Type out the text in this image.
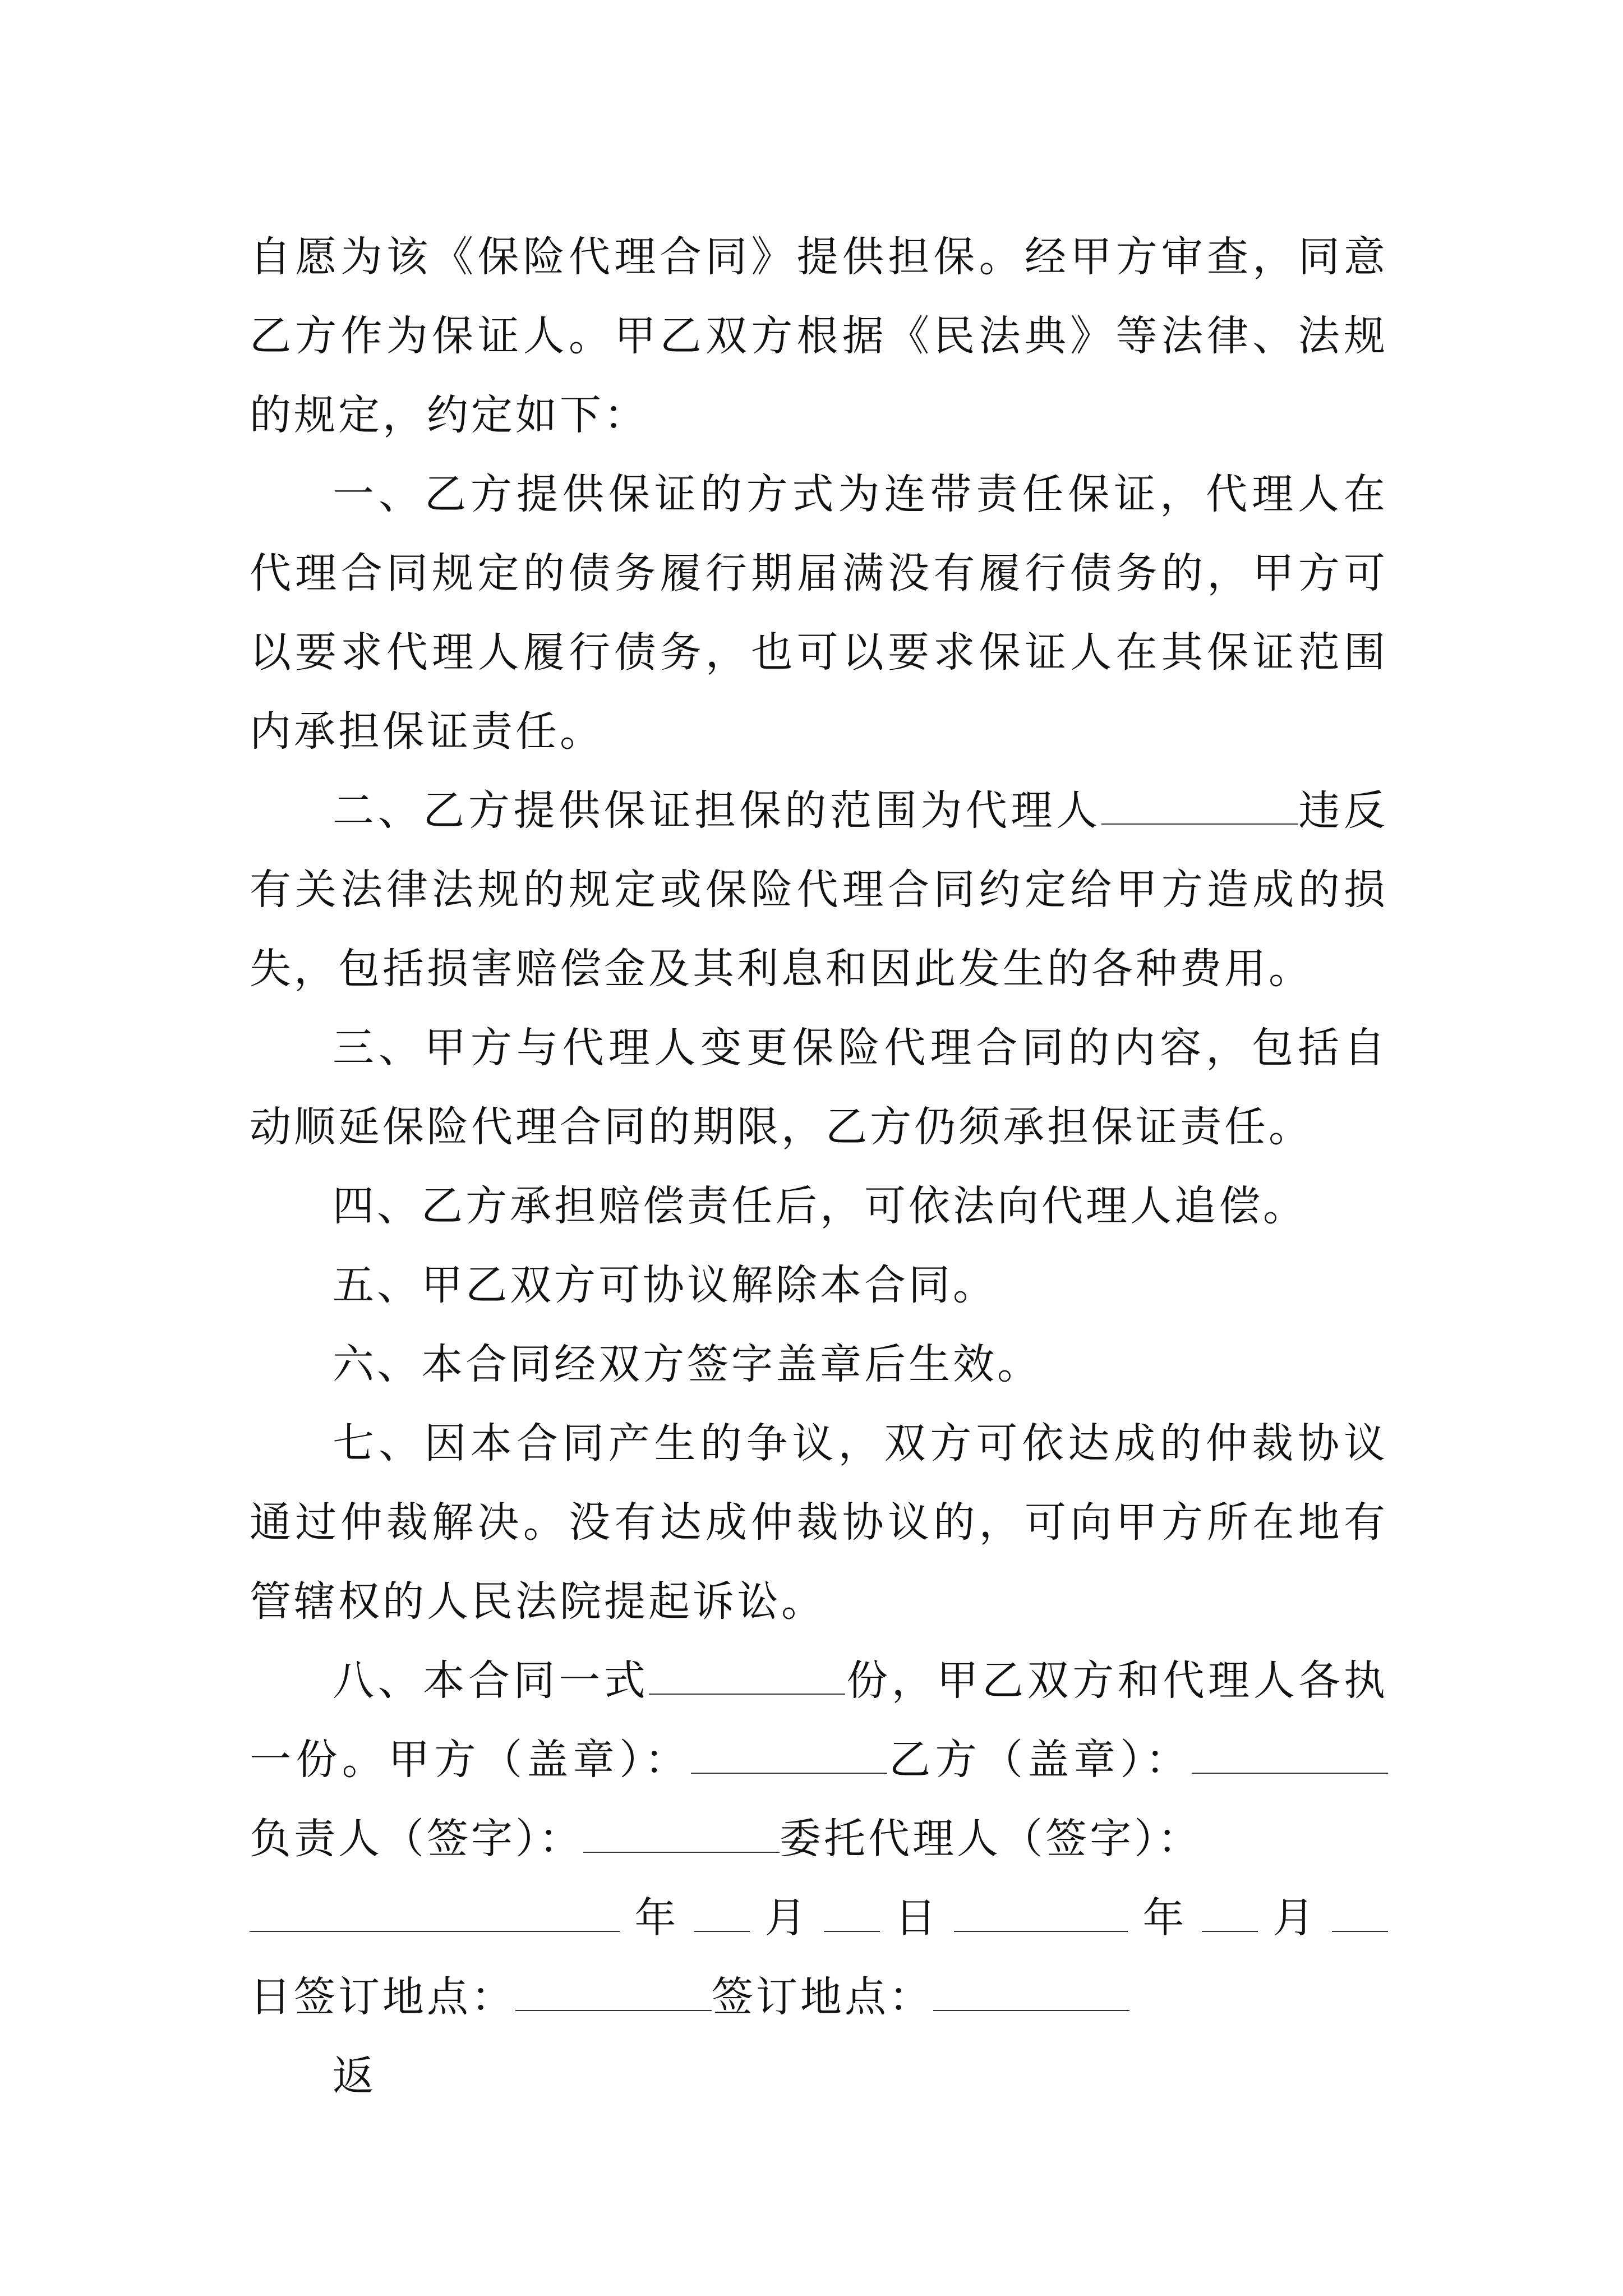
自愿为该《保险代理合同》提供担保。经甲方审查，同意乙方作为保证人。甲乙双方根据《民法典》等法律、法规的规定，约定如下：

一、乙方提供保证的方式为连带责任保证，代理人在代理合同规定的债务履行期届满没有履行债务的，甲方可以要求代理人履行债务，也可以要求保证人在其保证范围内承担保证责任。

二、乙方提供保证担保的范围为代理人	违反有关法律法规的规定或保险代理合同约定给甲方造成的损失，包括损害赔偿金及其利息和因此发生的各种费用。

三、甲方与代理人变更保险代理合同的内容，包括自动顺延保险代理合同的期限，乙方仍须承担保证责任。

四、乙方承担赔偿责任后，可依法向代理人追偿。

五、甲乙双方可协议解除本合同。

六、本合同经双方签字盖章后生效。

七、因本合同产生的争议，双方可依达成的仲裁协议通过仲裁解决。没有达成仲裁协议的，可向甲方所在地有管辖权的人民法院提起诉讼。

八、本合同一式	份，甲乙双方和代理人各执一份。甲方（盖章）：	乙方（盖章）：负责人（签字）：	委托代理人（签字）：

年 月 日	年 月

日签订地点：	签订地点：

返
